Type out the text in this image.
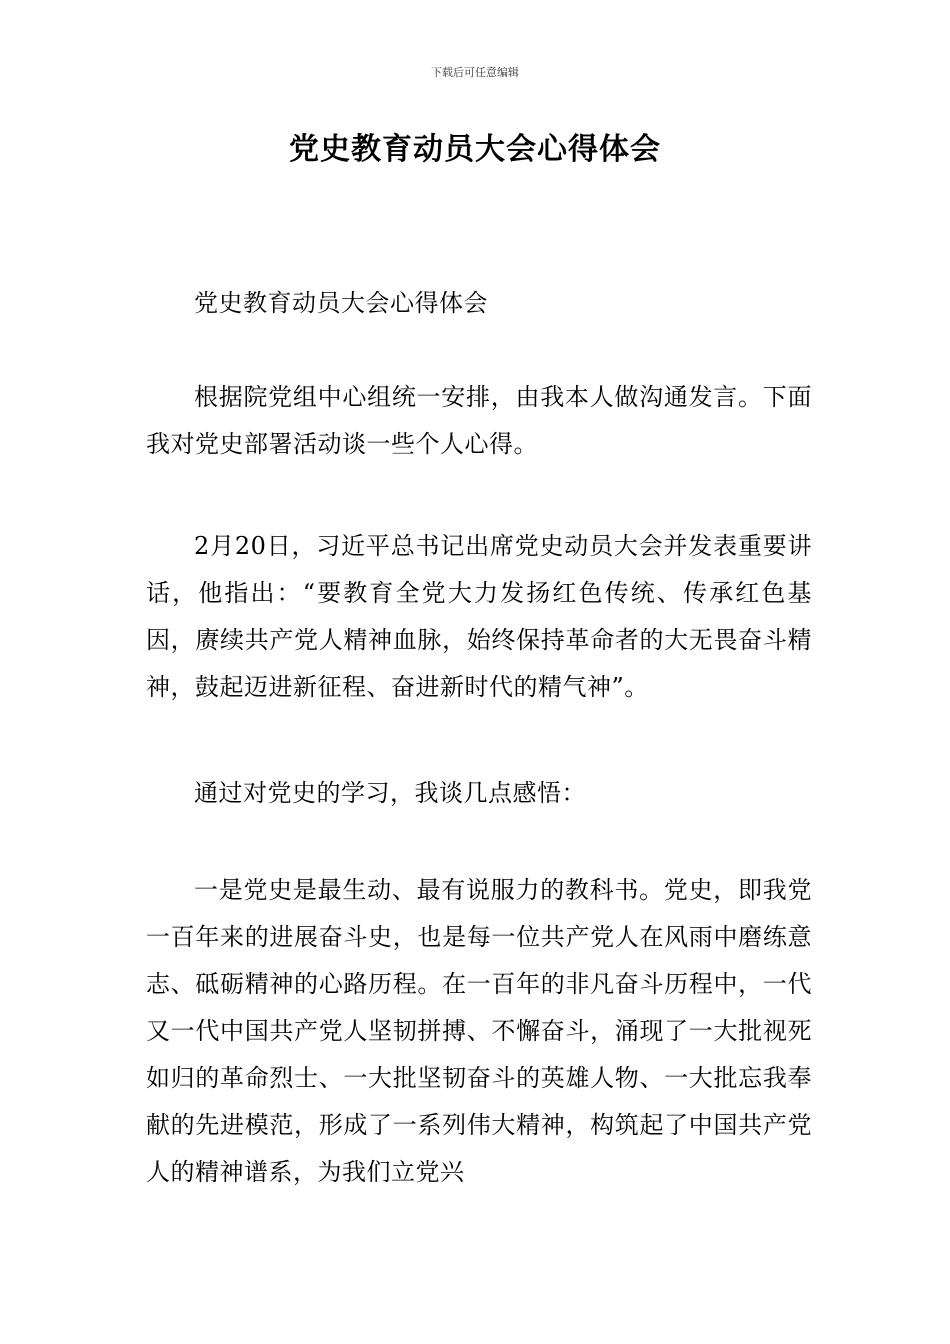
下载后可任意编辑
党史教育动员大会心得体会

党史教育动员大会心得体会

根据院党组中心组统一安排，由我本人做沟通发言。下面我对党史部署活动谈一些个人心得。

2月20日，习近平总书记出席党史动员大会并发表重要讲话，他指出：“要教育全党大力发扬红色传统、传承红色基因，赓续共产党人精神血脉，始终保持革命者的大无畏奋斗精神，鼓起迈进新征程、奋进新时代的精气神”。

通过对党史的学习，我谈几点感悟：

一是党史是最生动、最有说服力的教科书。党史，即我党一百年来的进展奋斗史，也是每一位共产党人在风雨中磨练意志、砥砺精神的心路历程。在一百年的非凡奋斗历程中，一代又一代中国共产党人坚韧拼搏、不懈奋斗，涌现了一大批视死如归的革命烈士、一大批坚韧奋斗的英雄人物、一大批忘我奉献的先进模范，形成了一系列伟大精神，构筑起了中国共产党人的精神谱系，为我们立党兴
